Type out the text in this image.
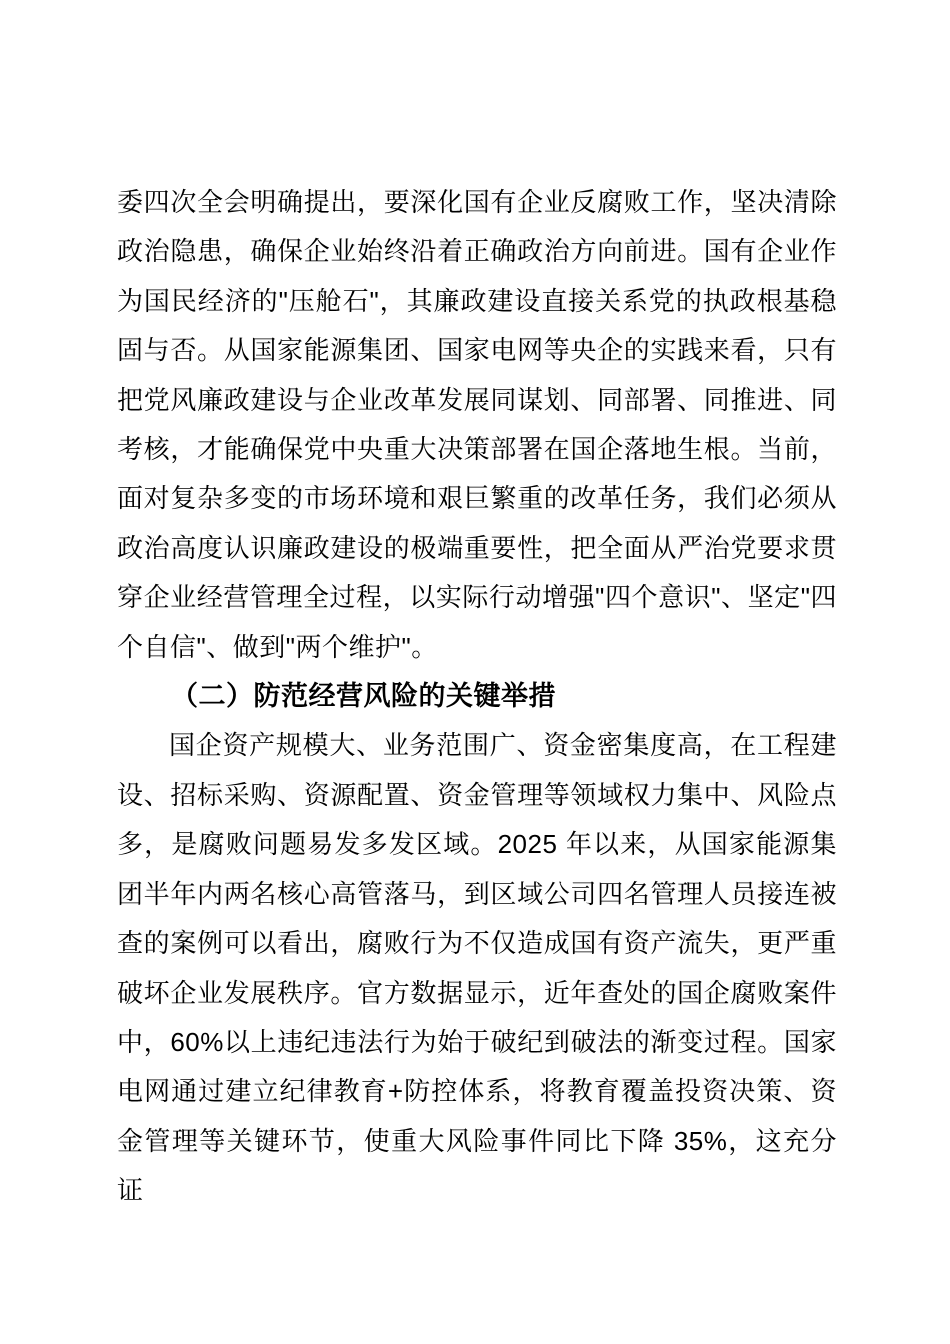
委四次全会明确提出，要深化国有企业反腐败工作，坚决清除
政治隐患，确保企业始终沿着正确政治方向前进。国有企业作
为国民经济的"压舱石"，其廉政建设直接关系党的执政根基稳
固与否。从国家能源集团、国家电网等央企的实践来看，只有
把党风廉政建设与企业改革发展同谋划、同部署、同推进、同
考核，才能确保党中央重大决策部署在国企落地生根。当前，
面对复杂多变的市场环境和艰巨繁重的改革任务，我们必须从
政治高度认识廉政建设的极端重要性，把全面从严治党要求贯
穿企业经营管理全过程，以实际行动增强"四个意识"、坚定"四
个自信"、做到"两个维护"。
（二）防范经营风险的关键举措
国企资产规模大、业务范围广、资金密集度高，在工程建
设、招标采购、资源配置、资金管理等领域权力集中、风险点
多，是腐败问题易发多发区域。2025 年以来，从国家能源集
团半年内两名核心高管落马，到区域公司四名管理人员接连被
查的案例可以看出，腐败行为不仅造成国有资产流失，更严重
破坏企业发展秩序。官方数据显示，近年查处的国企腐败案件
中，60%以上违纪违法行为始于破纪到破法的渐变过程。国家
电网通过建立纪律教育+防控体系，将教育覆盖投资决策、资
金管理等关键环节，使重大风险事件同比下降 35%，这充分证
